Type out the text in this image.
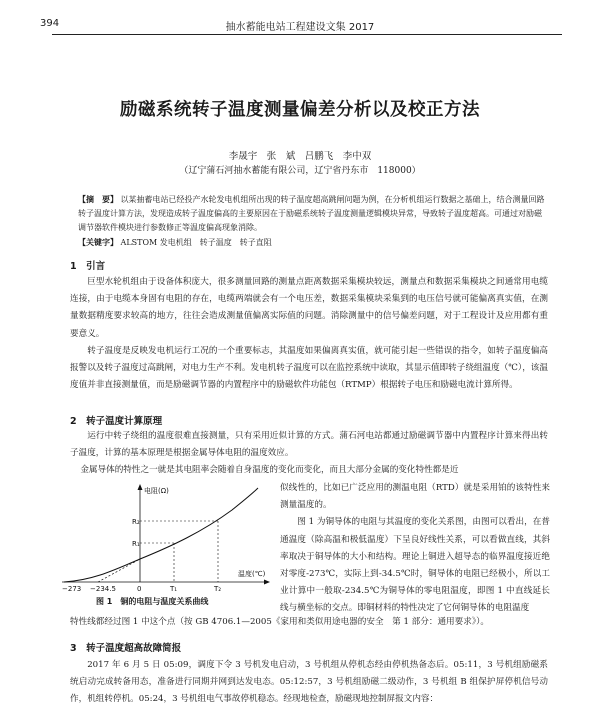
394	抽水蓄能电站工程建设文集 2017
励磁系统转子温度测量偏差分析以及校正方法
李晟宇　张　斌　吕鹏飞　李中双
（辽宁蒲石河抽水蓄能有限公司，辽宁省丹东市　118000）
【摘　要】 以某抽蓄电站已经投产水轮发电机组所出现的转子温度超高跳闸问题为例，在分析机组运行数据之基础上，结合测量回路转子温度计算方法，发现造成转子温度偏高的主要原因在于励磁系统转子温度测量逻辑模块异常，导致转子温度超高。可通过对励磁调节器软件模块进行参数修正等温度偏高现象消除。
【关键字】 ALSTOM 发电机组　转子温度　转子直阻
1　引言
巨型水轮机组由于设备体积庞大，很多测量回路的测量点距离数据采集模块较远，测量点和数据采集模块之间通常用电缆连接，由于电缆本身固有电阻的存在，电缆两端就会有一个电压差，数据采集模块采集到的电压信号就可能偏离真实值，在测量数据精度要求较高的地方，往往会造成测量值偏离实际值的问题。消除测量中的信号偏差问题，对于工程设计及应用都有重要意义。
转子温度是反映发电机运行工况的一个重要标志，其温度如果偏离真实值，就可能引起一些错误的指令，如转子温度偏高报警以及转子温度过高跳闸，对电力生产不利。发电机转子温度可以在监控系统中读取，其显示值即转子绕组温度（℃），该温度值并非直接测量值，而是励磁调节器的内置程序中的励磁软件功能包（RTMP）根据转子电压和励磁电流计算所得。
2　转子温度计算原理
运行中转子绕组的温度很难直接测量，只有采用近似计算的方式。蒲石河电站都通过励磁调节器中内置程序计算来得出转子温度，计算的基本原理是根据金属导体电阻的温度效应。
金属导体的特性之一就是其电阻率会随着自身温度的变化而变化，而且大部分金属的变化特性都是近
似线性的，比如已广泛应用的测温电阻（RTD）就是采用铂的该特性来测量温度的。
　　图 1 为铜导体的电阻与其温度的变化关系图，由图可以看出，在普通温度（除高温和极低温度）下呈良好线性关系，可以看做直线，其斜率取决于铜导体的大小和结构。理论上铜进入超导态的临界温度接近绝对零度-273℃，实际上到-34.5℃时，铜导体的电阻已经极小，所以工业计算中一般取-234.5℃为铜导体的零电阻温度，即图 1 中直线延长线与横坐标的交点。即铜材料的特性决定了它何铜导体的电阻温度
电阻(Ω)
温度(℃)
R₂
R₁
−273 −234.5	0	T₁	T₂
图 1　铜的电阻与温度关系曲线
特性线都经过图 1 中这个点（按 GB 4706.1—2005《家用和类似用途电器的安全　第 1 部分：通用要求》）。
3　转子温度超高故障简报
2017 年 6 月 5 日 05:09，调度下令 3 号机发电启动，3 号机组从停机态经由停机热备态后。05:11，3 号机组励磁系统启动完成转备用态，准备进行同期并网到达发电态。05:12:57，3 号机组励磁二级动作，3 号机组 B 组保护屏停机信号动作，机组转停机。05:24，3 号机组电气事故停机稳态。经现地检查，励磁现地控制屏报文内容：
